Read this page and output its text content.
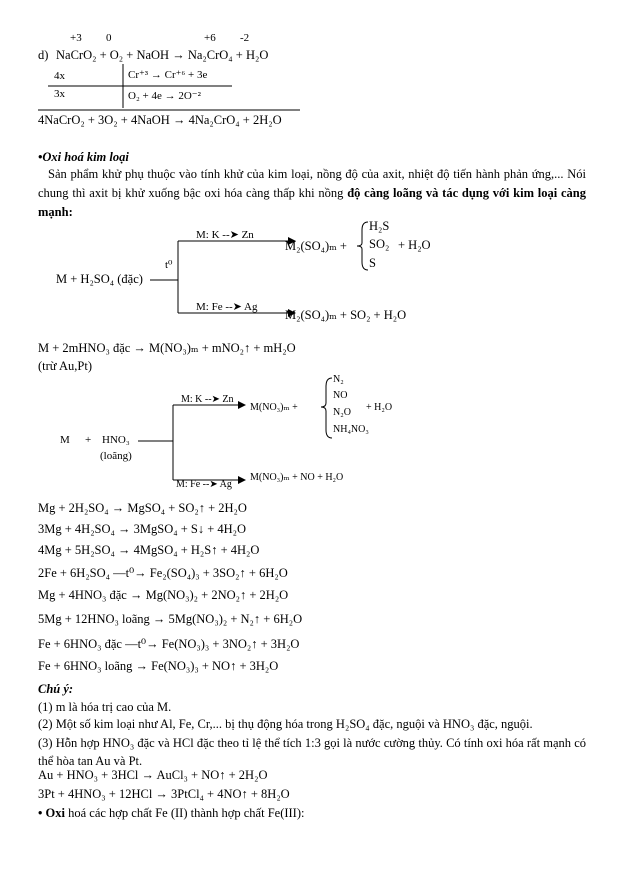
+3 0	+6 -2
d) NaCrO₂ + O₂ + NaOH → Na₂CrO₄ + H₂O
4x
3x
Cr⁺³ → Cr⁺⁶ + 3e
O₂ + 4e → 2O⁻²
4NaCrO₂ + 3O₂ + 4NaOH → 4Na₂CrO₄ + 2H₂O
•Oxi hoá kim loại
Sản phẩm khử phụ thuộc vào tính khử của kim loại, nồng độ của axit, nhiệt độ tiến hành phản ứng,... Nói chung thì axit bị khử xuống bậc oxi hóa càng thấp khi nồng độ càng loãng và tác dụng với kim loại càng mạnh:
M + H₂SO₄ (đặc)
t⁰
M: K ‑‑➤ Zn
M₂(SO₄)ₘ +
H₂S
SO₂
S
+ H₂O
M: Fe ‑‑➤ Ag
M₂(SO₄)ₘ + SO₂ + H₂O
M + 2mHNO₃ đặc → M(NO₃)ₘ + mNO₂↑ + mH₂O
(trừ Au,Pt)
M + HNO₃
(loãng)
M: K ‑‑➤ Zn
M(NO₃)ₘ +
N₂
NO
N₂O
NH₄NO₃
+ H₂O
M: Fe ‑‑➤ Ag
M(NO₃)ₘ + NO + H₂O
Mg + 2H₂SO₄ → MgSO₄ + SO₂↑ + 2H₂O
3Mg + 4H₂SO₄ → 3MgSO₄ + S↓ + 4H₂O
4Mg + 5H₂SO₄ → 4MgSO₄ + H₂S↑ + 4H₂O
2Fe + 6H₂SO₄ —t⁰→ Fe₂(SO₄)₃ + 3SO₂↑ + 6H₂O
Mg + 4HNO₃ đặc → Mg(NO₃)₂ + 2NO₂↑ + 2H₂O
5Mg + 12HNO₃ loãng → 5Mg(NO₃)₂ + N₂↑ + 6H₂O
Fe + 6HNO₃ đặc —t⁰→ Fe(NO₃)₃ + 3NO₂↑ + 3H₂O
Fe + 6HNO₃ loãng → Fe(NO₃)₃ + NO↑ + 3H₂O
Chú ý:
(1) m là hóa trị cao của M.
(2) Một số kim loại như Al, Fe, Cr,... bị thụ động hóa trong H₂SO₄ đặc, nguội và HNO₃ đặc, nguội.
(3) Hỗn hợp HNO₃ đặc và HCl đặc theo tỉ lệ thể tích 1:3 gọi là nước cường thủy. Có tính oxi hóa rất mạnh có thể hòa tan Au và Pt.
Au + HNO₃ + 3HCl → AuCl₃ + NO↑ + 2H₂O
3Pt + 4HNO₃ + 12HCl → 3PtCl₄ + 4NO↑ + 8H₂O
• Oxi hoá các hợp chất Fe (II) thành hợp chất Fe(III):
